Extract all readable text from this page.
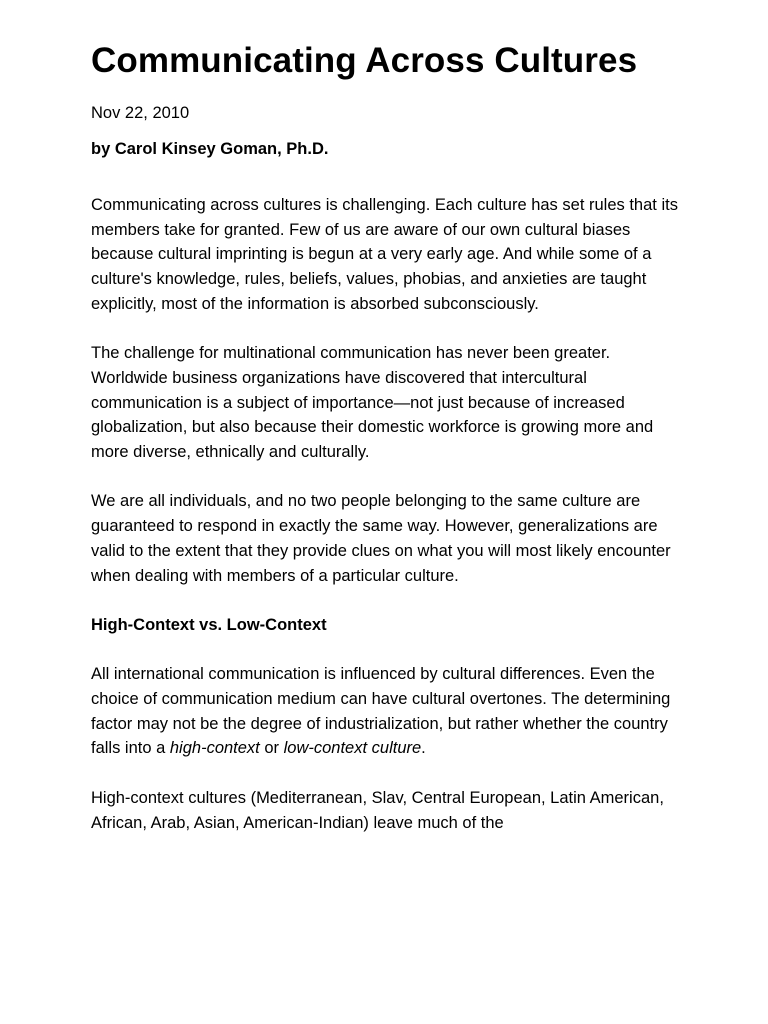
Communicating Across Cultures

Nov 22, 2010

by Carol Kinsey Goman, Ph.D.

Communicating across cultures is challenging. Each culture has set rules that its members take for granted. Few of us are aware of our own cultural biases because cultural imprinting is begun at a very early age. And while some of a culture's knowledge, rules, beliefs, values, phobias, and anxieties are taught explicitly, most of the information is absorbed subconsciously.

The challenge for multinational communication has never been greater. Worldwide business organizations have discovered that intercultural communication is a subject of importance—not just because of increased globalization, but also because their domestic workforce is growing more and more diverse, ethnically and culturally.

We are all individuals, and no two people belonging to the same culture are guaranteed to respond in exactly the same way. However, generalizations are valid to the extent that they provide clues on what you will most likely encounter when dealing with members of a particular culture.

High-Context vs. Low-Context

All international communication is influenced by cultural differences. Even the choice of communication medium can have cultural overtones. The determining factor may not be the degree of industrialization, but rather whether the country falls into a high-context or low-context culture.

High-context cultures (Mediterranean, Slav, Central European, Latin American, African, Arab, Asian, American-Indian) leave much of the
